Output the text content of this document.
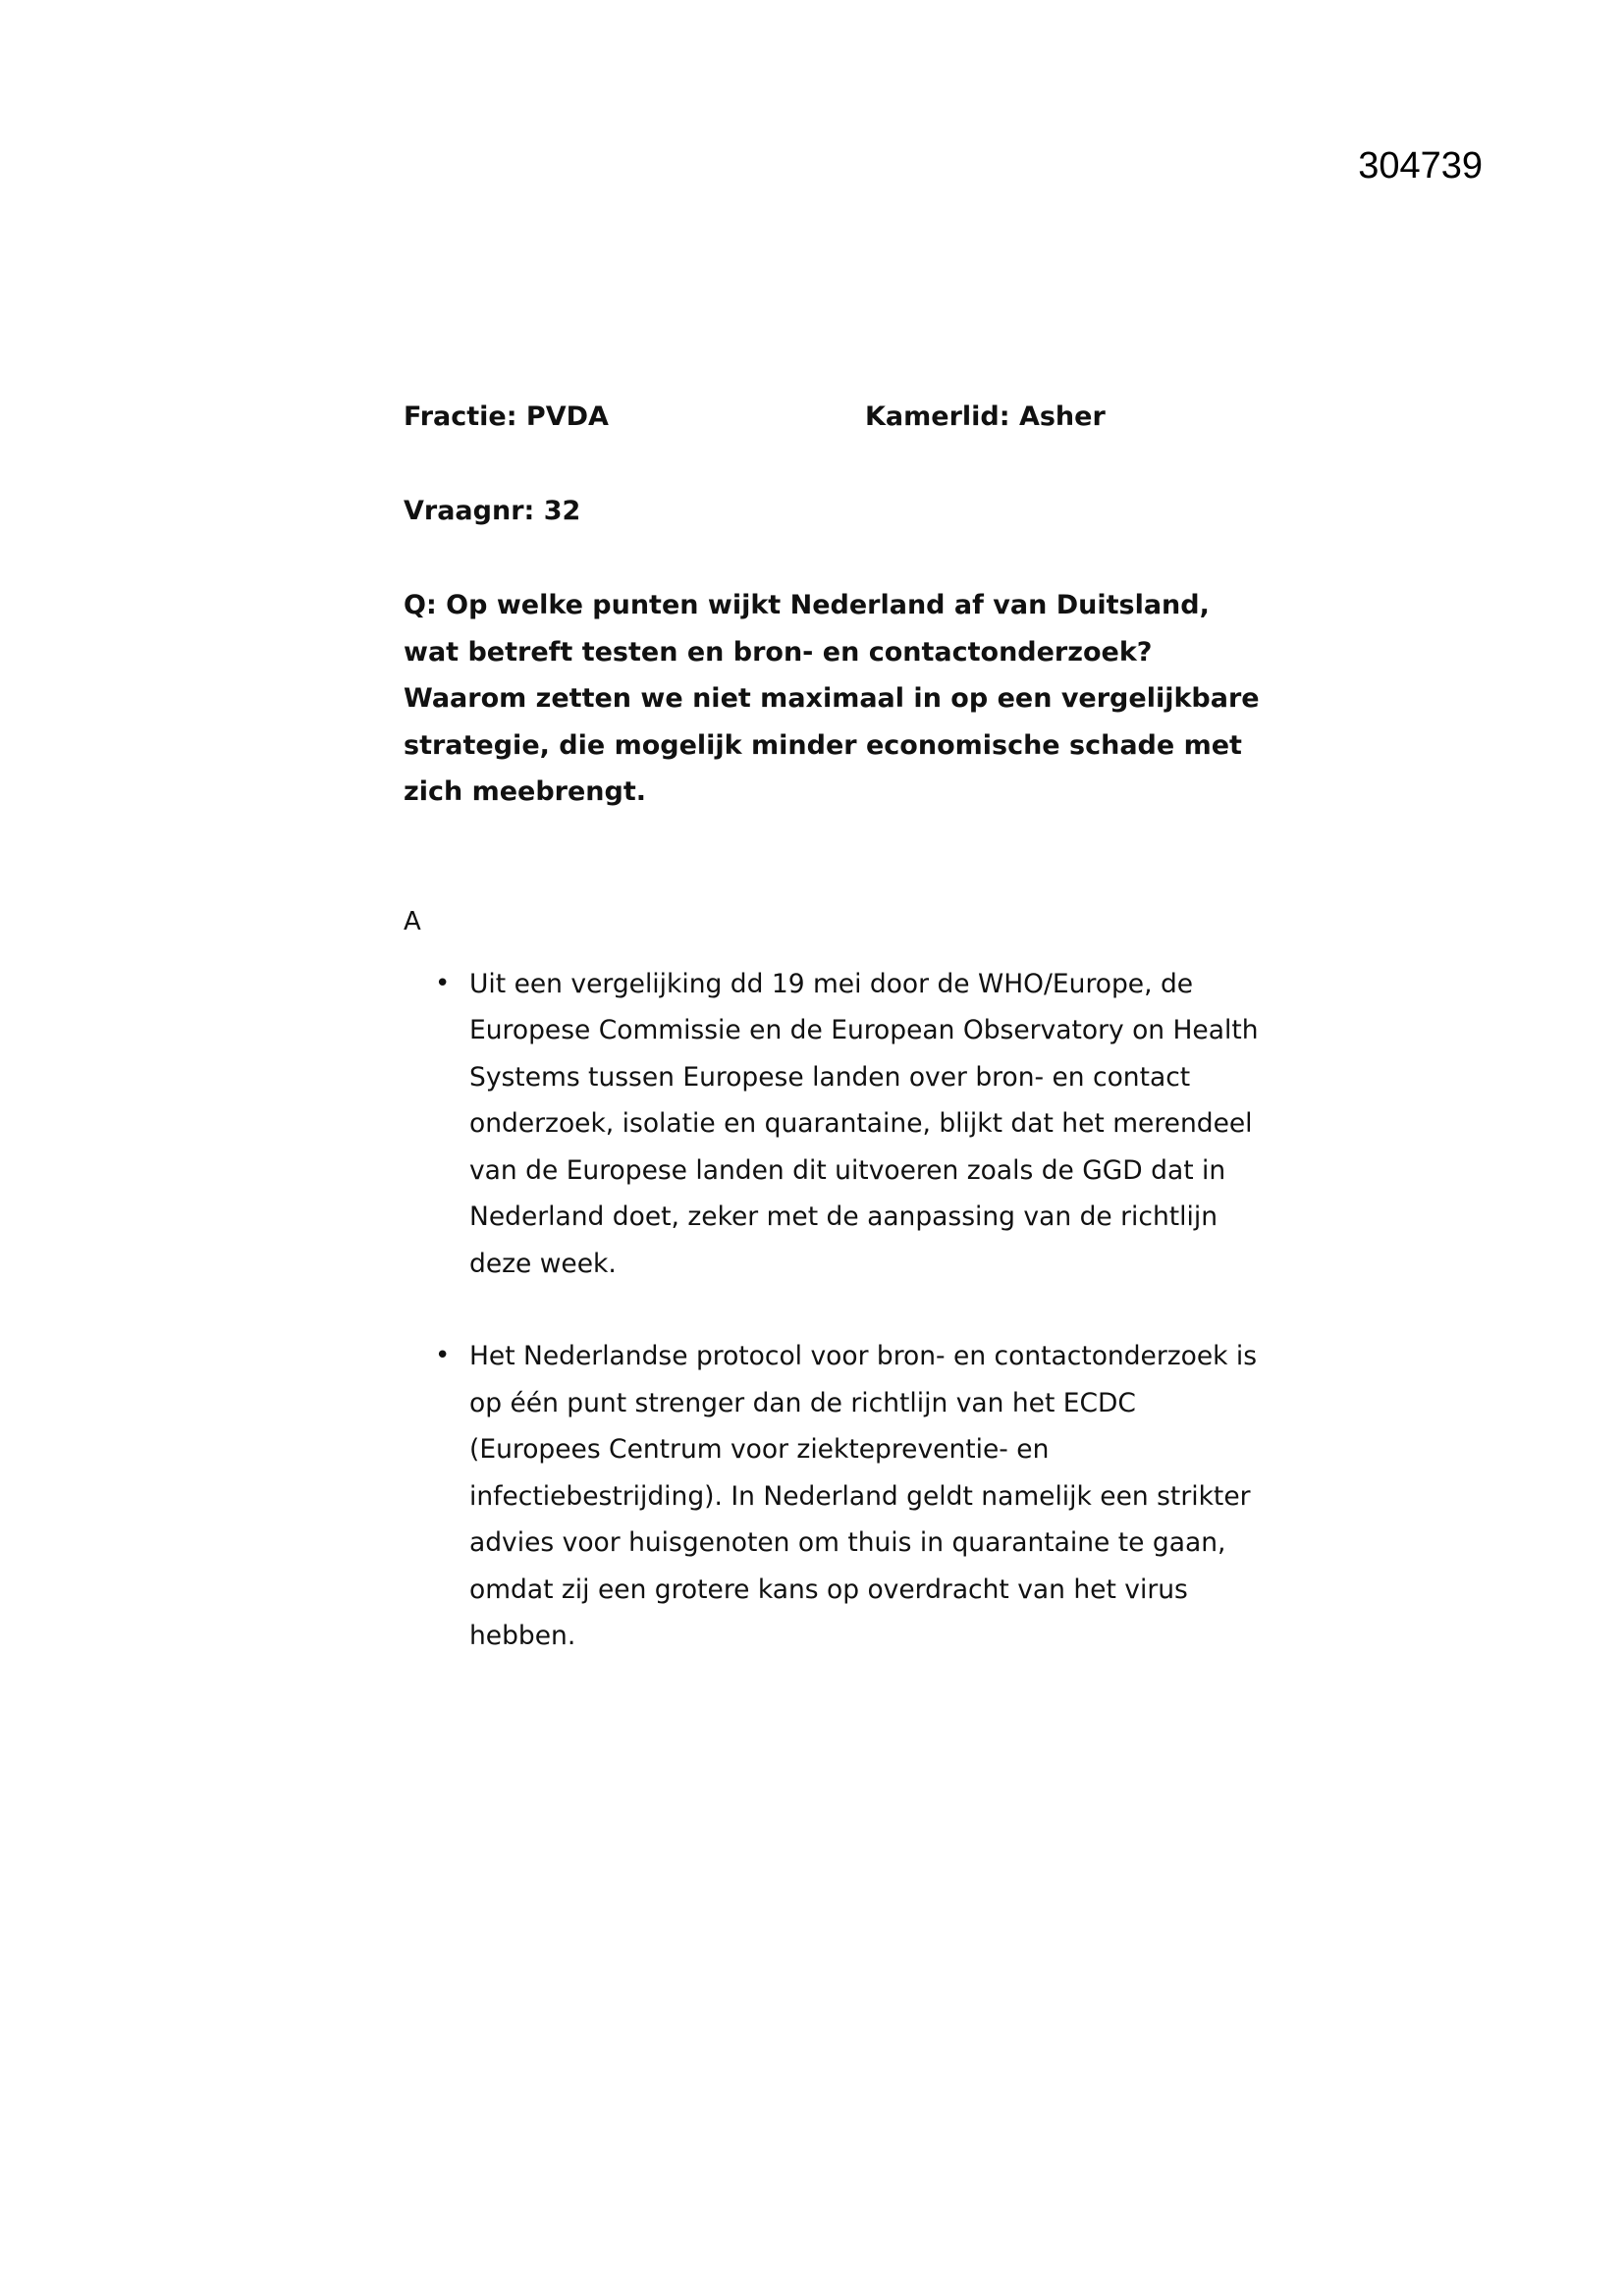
304739
Fractie: PVDA	Kamerlid: Asher
Vraagnr: 32
Q: Op welke punten wijkt Nederland af van Duitsland, wat betreft testen en bron- en contactonderzoek? Waarom zetten we niet maximaal in op een vergelijkbare strategie, die mogelijk minder economische schade met zich meebrengt.
A
• Uit een vergelijking dd 19 mei door de WHO/Europe, de Europese Commissie en de European Observatory on Health Systems tussen Europese landen over bron- en contact onderzoek, isolatie en quarantaine, blijkt dat het merendeel van de Europese landen dit uitvoeren zoals de GGD dat in Nederland doet, zeker met de aanpassing van de richtlijn deze week.
• Het Nederlandse protocol voor bron- en contactonderzoek is op één punt strenger dan de richtlijn van het ECDC (Europees Centrum voor ziektepreventie- en infectiebestrijding). In Nederland geldt namelijk een strikter advies voor huisgenoten om thuis in quarantaine te gaan, omdat zij een grotere kans op overdracht van het virus hebben.
